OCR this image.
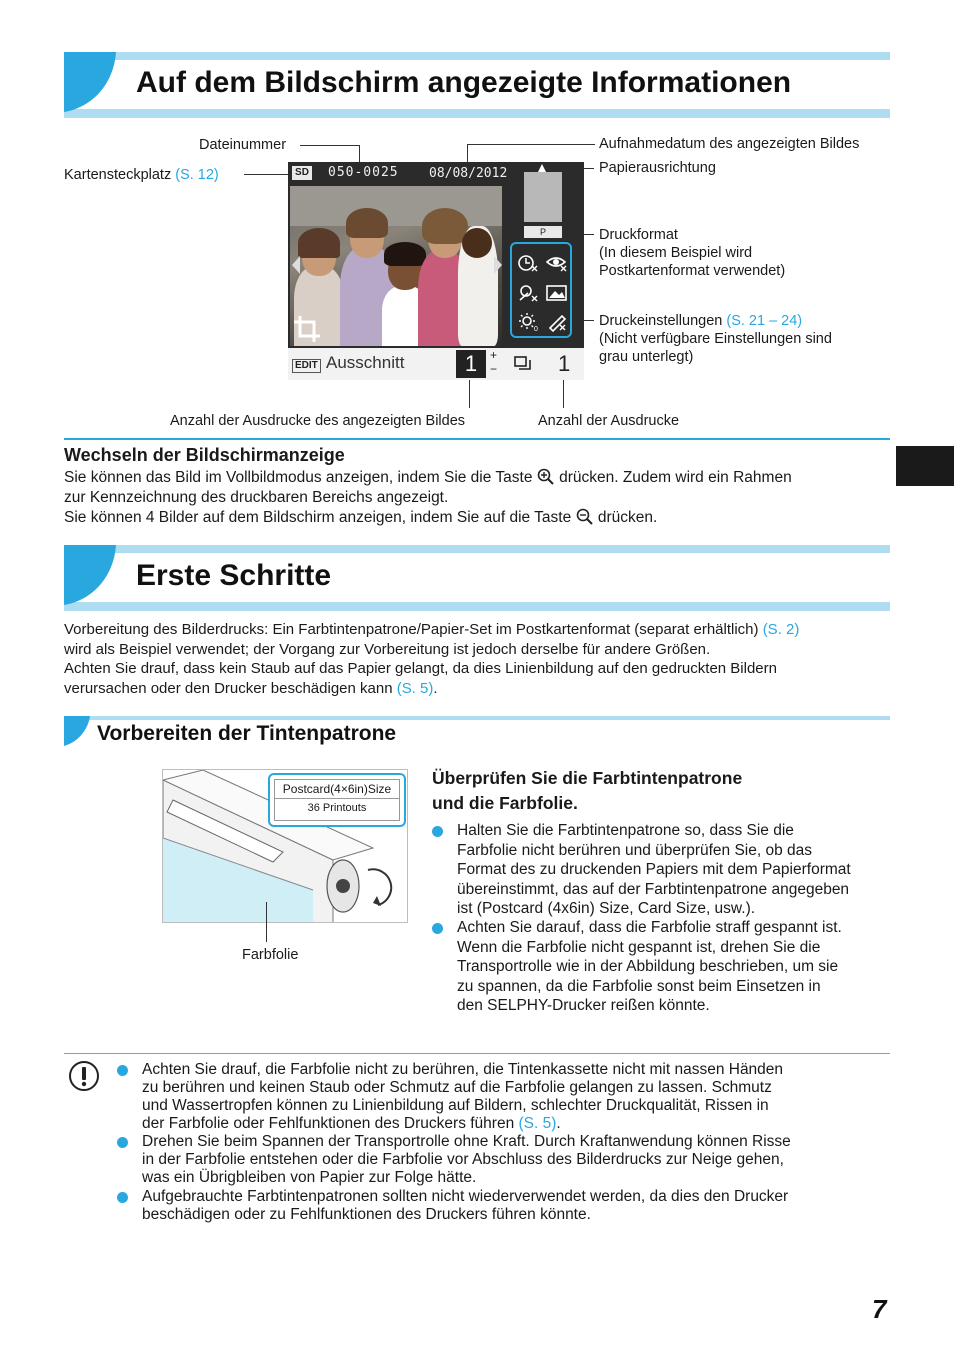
Auf dem Bildschirm angezeigte Informationen
Dateinummer
Kartensteckplatz (S. 12)
Aufnahmedatum des angezeigten Bildes
Papierausrichtung
Druckformat
(In diesem Beispiel wird
Postkartenformat verwendet)
Druckeinstellungen (S. 21 – 24)
(Nicht verfügbare Einstellungen sind
grau unterlegt)
Anzahl der Ausdrucke des angezeigten Bildes	Anzahl der Ausdrucke
SD 050-0025 08/08/2012
P
0
EDIT Ausschnitt	1	+
−	1
Wechseln der Bildschirmanzeige
Sie können das Bild im Vollbildmodus anzeigen, indem Sie die Taste drücken. Zudem wird ein Rahmen
zur Kennzeichnung des druckbaren Bereichs angezeigt.
Sie können 4 Bilder auf dem Bildschirm anzeigen, indem Sie auf die Taste drücken.
Erste Schritte
Vorbereitung des Bilderdrucks: Ein Farbtintenpatrone/Papier-Set im Postkartenformat (separat erhältlich) (S. 2)
wird als Beispiel verwendet; der Vorgang zur Vorbereitung ist jedoch derselbe für andere Größen.
Achten Sie drauf, dass kein Staub auf das Papier gelangt, da dies Linienbildung auf den gedruckten Bildern
verursachen oder den Drucker beschädigen kann (S. 5).
Vorbereiten der Tintenpatrone
Postcard(4×6in)Size
36 Printouts
Farbfolie
Überprüfen Sie die Farbtintenpatrone
und die Farbfolie.
Halten Sie die Farbtintenpatrone so, dass Sie die
Farbfolie nicht berühren und überprüfen Sie, ob das
Format des zu druckenden Papiers mit dem Papierformat
übereinstimmt, das auf der Farbtintenpatrone angegeben
ist (Postcard (4x6in) Size, Card Size, usw.).
Achten Sie darauf, dass die Farbfolie straff gespannt ist.
Wenn die Farbfolie nicht gespannt ist, drehen Sie die
Transportrolle wie in der Abbildung beschrieben, um sie
zu spannen, da die Farbfolie sonst beim Einsetzen in
den SELPHY-Drucker reißen könnte.
Achten Sie drauf, die Farbfolie nicht zu berühren, die Tintenkassette nicht mit nassen Händen
zu berühren und keinen Staub oder Schmutz auf die Farbfolie gelangen zu lassen. Schmutz
und Wassertropfen können zu Linienbildung auf Bildern, schlechter Druckqualität, Rissen in
der Farbfolie oder Fehlfunktionen des Druckers führen (S. 5).
Drehen Sie beim Spannen der Transportrolle ohne Kraft. Durch Kraftanwendung können Risse
in der Farbfolie entstehen oder die Farbfolie vor Abschluss des Bilderdrucks zur Neige gehen,
was ein Übrigbleiben von Papier zur Folge hätte.
Aufgebrauchte Farbtintenpatronen sollten nicht wiederverwendet werden, da dies den Drucker
beschädigen oder zu Fehlfunktionen des Druckers führen könnte.
7
